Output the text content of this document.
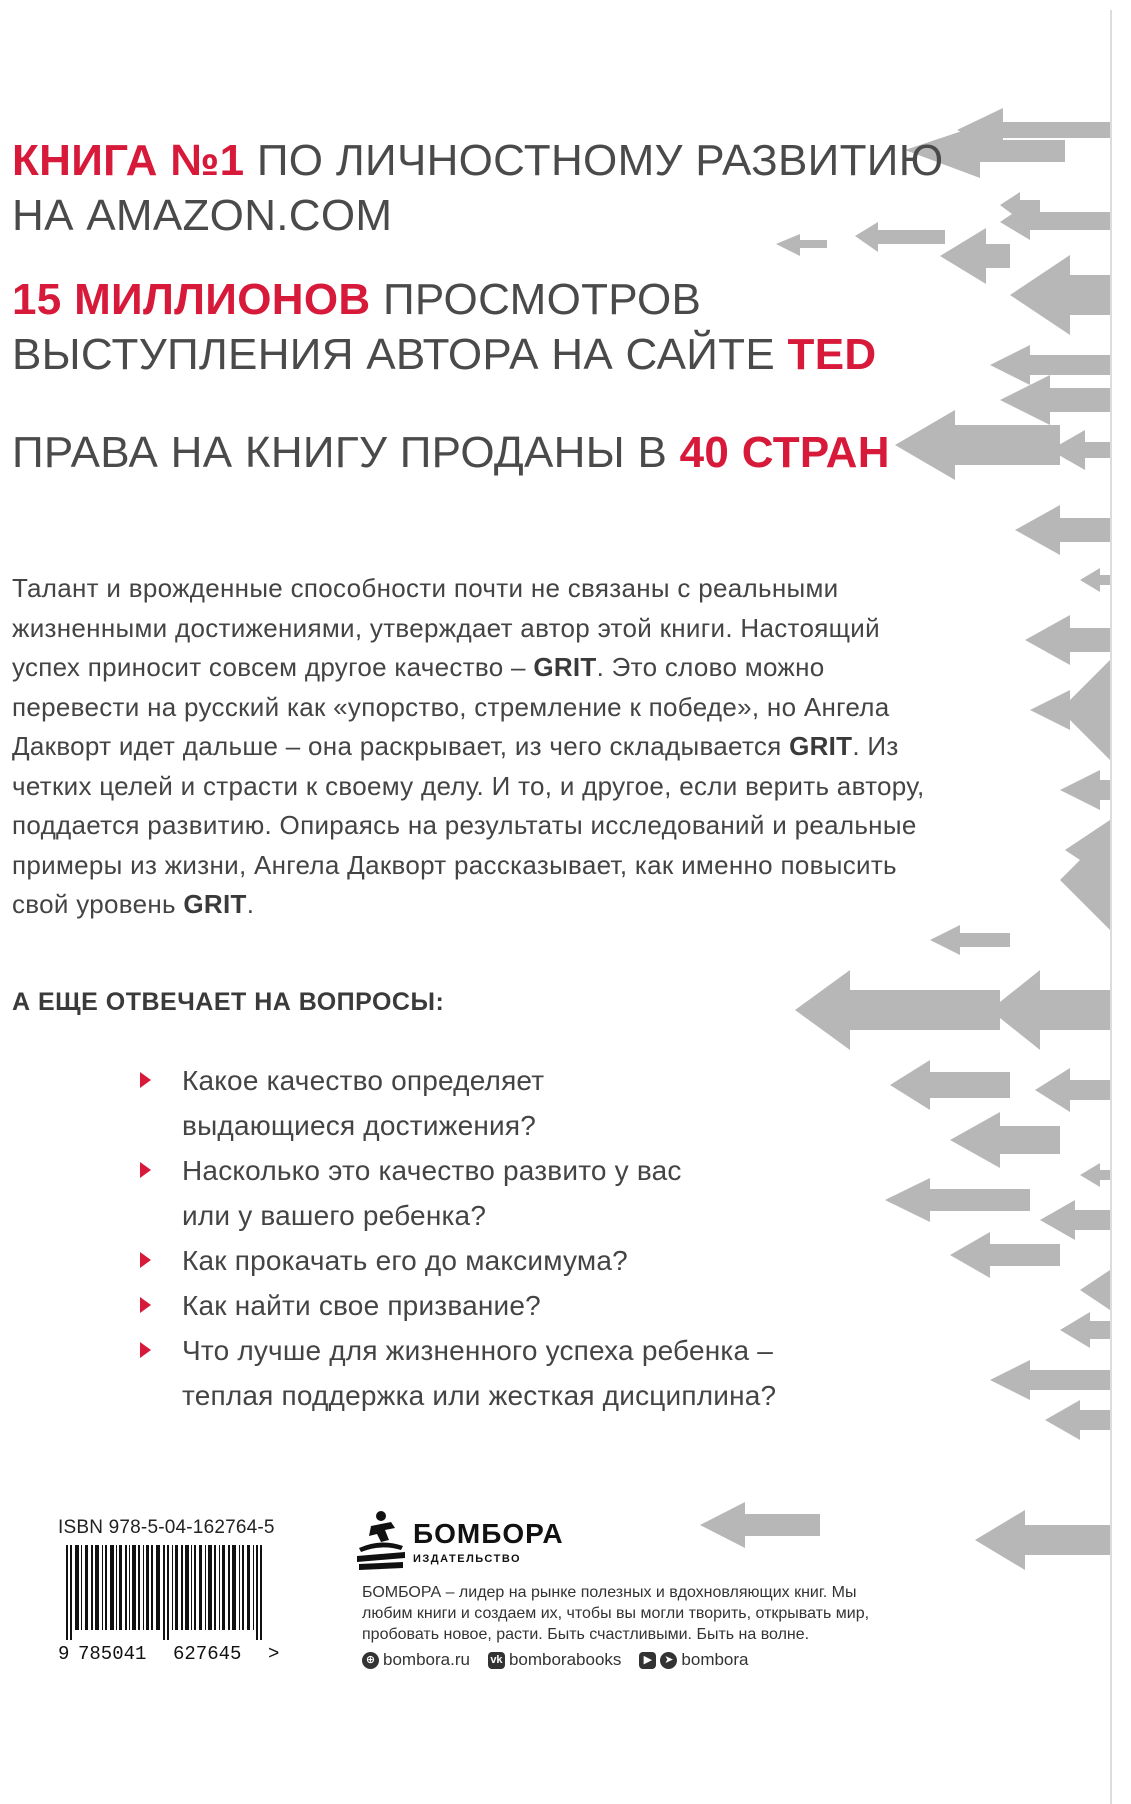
КНИГА №1 ПО ЛИЧНОСТНОМУ РАЗВИТИЮ
НА AMAZON.COM
15 МИЛЛИОНОВ ПРОСМОТРОВ
ВЫСТУПЛЕНИЯ АВТОРА НА САЙТЕ TED
ПРАВА НА КНИГУ ПРОДАНЫ В 40 СТРАН
Талант и врожденные способности почти не связаны с реальными жизненными достижениями, утверждает автор этой книги. Настоящий успех приносит совсем другое качество – GRIT. Это слово можно перевести на русский как «упорство, стремление к победе», но Ангела Дакворт идет дальше – она раскрывает, из чего складывается GRIT. Из четких целей и страсти к своему делу. И то, и другое, если верить автору, поддается развитию. Опираясь на результаты исследований и реальные примеры из жизни, Ангела Дакворт рассказывает, как именно повысить свой уровень GRIT.
А ЕЩЕ ОТВЕЧАЕТ НА ВОПРОСЫ:
Какое качество определяет
выдающиеся достижения?
Насколько это качество развито у вас
или у вашего ребенка?
Как прокачать его до максимума?
Как найти свое призвание?
Что лучше для жизненного успеха ребенка –
теплая поддержка или жесткая дисциплина?
ISBN 978-5-04-162764-5
9 785041 627645 >
БОМБОРА
ИЗДАТЕЛЬСТВО
БОМБОРА – лидер на рынке полезных и вдохновляющих книг. Мы любим книги и создаем их, чтобы вы могли творить, открывать мир, пробовать новое, расти. Быть счастливыми. Быть на волне.
⊕ bombora.ru vk bomborabooks	▶	➤ bombora
